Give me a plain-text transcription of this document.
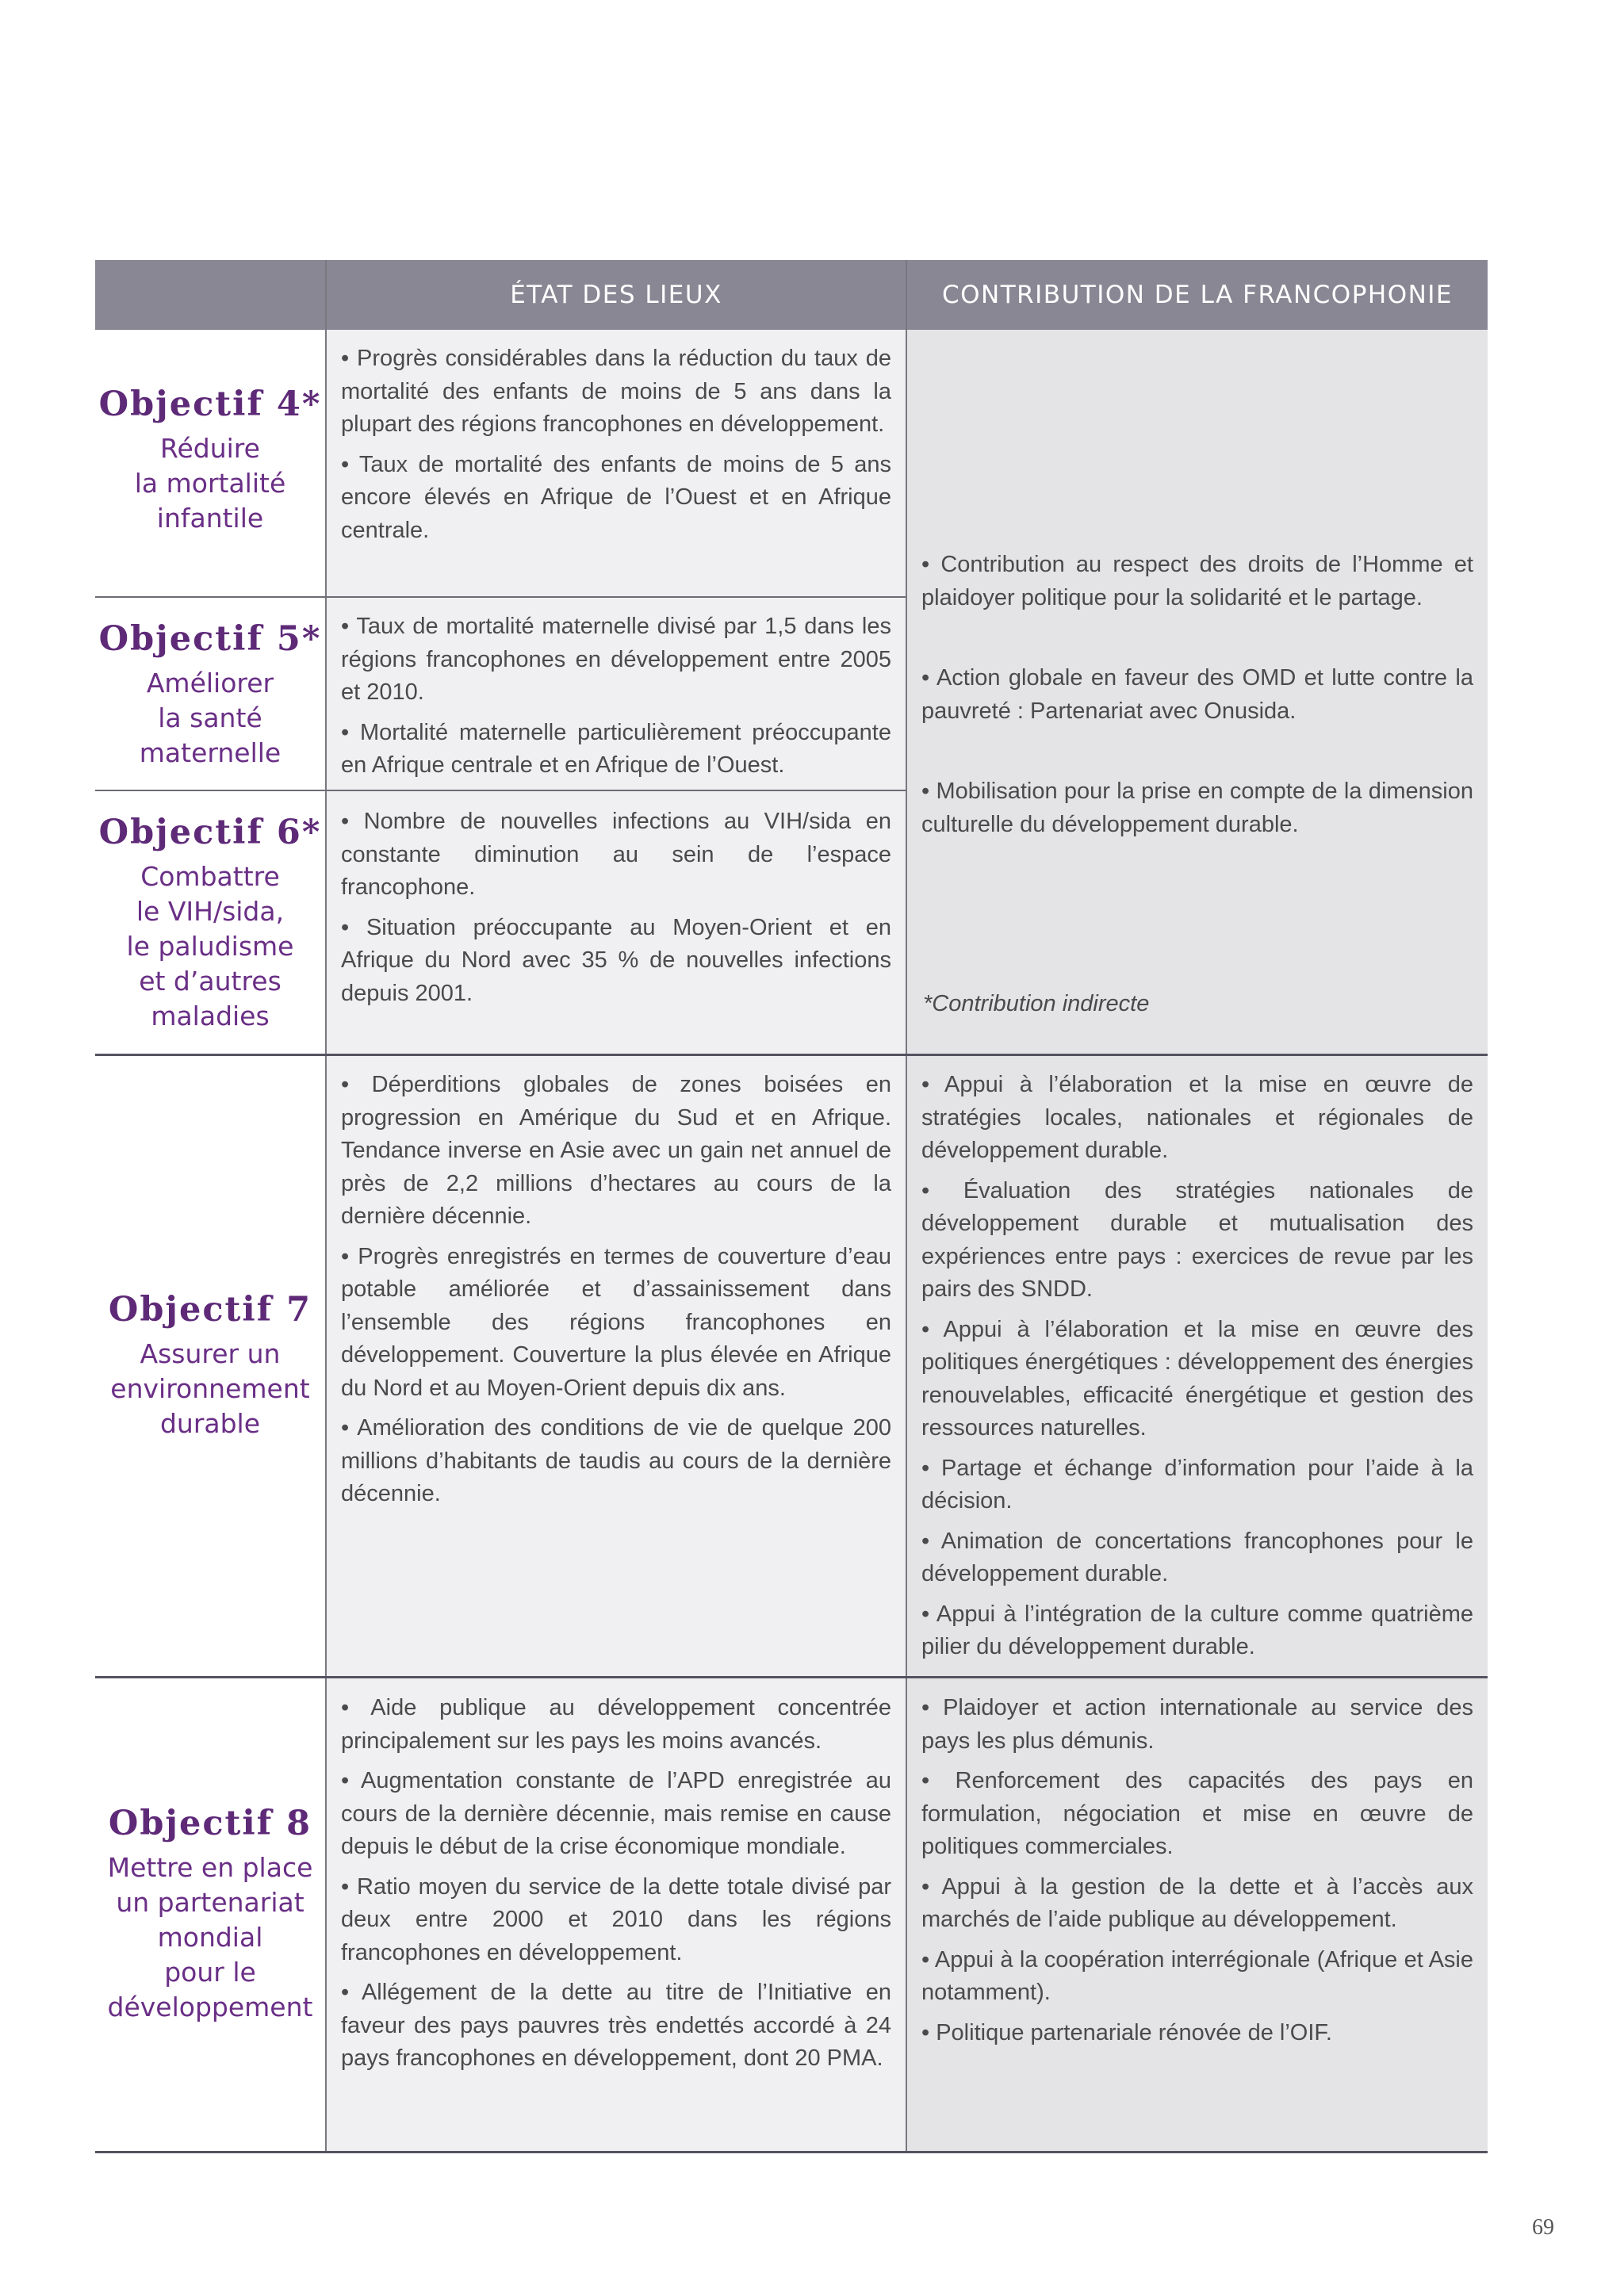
ÉTAT DES LIEUX	CONTRIBUTION DE LA FRANCOPHONIE
Objectif 4*
Réduire
la mortalité
infantile

• Progrès considérables dans la réduction du taux de mortalité des enfants de moins de 5 ans dans la plupart des régions francophones en développement.

• Taux de mortalité des enfants de moins de 5 ans encore élevés en Afrique de l’Ouest et en Afrique centrale.

Objectif 5*
Améliorer
la santé
maternelle

• Taux de mortalité maternelle divisé par 1,5 dans les régions francophones en développement entre 2005 et 2010.

• Mortalité maternelle particulièrement préoccupante en Afrique centrale et en Afrique de l’Ouest.

Objectif 6*
Combattre
le VIH/sida,
le paludisme
et d’autres
maladies

• Nombre de nouvelles infections au VIH/sida en constante diminution au sein de l’espace francophone.

• Situation préoccupante au Moyen-Orient et en Afrique du Nord avec 35 % de nouvelles infections depuis 2001.

• Contribution au respect des droits de l’Homme et plaidoyer politique pour la solidarité et le partage.

• Action globale en faveur des OMD et lutte contre la pauvreté : Partenariat avec Onusida.

• Mobilisation pour la prise en compte de la dimension culturelle du développement durable.

*Contribution indirecte
Objectif 7
Assurer un
environnement
durable

• Déperditions globales de zones boisées en progression en Amérique du Sud et en Afrique. Tendance inverse en Asie avec un gain net annuel de près de 2,2 millions d’hectares au cours de la dernière décennie.

• Progrès enregistrés en termes de couverture d’eau potable améliorée et d’assainissement dans l’ensemble des régions francophones en développement. Couverture la plus élevée en Afrique du Nord et au Moyen-Orient depuis dix ans.

• Amélioration des conditions de vie de quelque 200 millions d’habitants de taudis au cours de la dernière décennie.

• Appui à l’élaboration et la mise en œuvre de stratégies locales, nationales et régionales de développement durable.

• Évaluation des stratégies nationales de développement durable et mutualisation des expériences entre pays : exercices de revue par les pairs des SNDD.

• Appui à l’élaboration et la mise en œuvre des politiques énergétiques : développement des énergies renouvelables, efficacité énergétique et gestion des ressources naturelles.

• Partage et échange d’information pour l’aide à la décision.

• Animation de concertations francophones pour le développement durable.

• Appui à l’intégration de la culture comme quatrième pilier du développement durable.

Objectif 8
Mettre en place
un partenariat
mondial
pour le
développement

• Aide publique au développement concentrée principalement sur les pays les moins avancés.

• Augmentation constante de l’APD enregistrée au cours de la dernière décennie, mais remise en cause depuis le début de la crise économique mondiale.

• Ratio moyen du service de la dette totale divisé par deux entre 2000 et 2010 dans les régions francophones en développement.

• Allégement de la dette au titre de l’Initiative en faveur des pays pauvres très endettés accordé à 24 pays francophones en développement, dont 20 PMA.

• Plaidoyer et action internationale au service des pays les plus démunis.

• Renforcement des capacités des pays en formulation, négociation et mise en œuvre de politiques commerciales.

• Appui à la gestion de la dette et à l’accès aux marchés de l’aide publique au développement.

• Appui à la coopération interrégionale (Afrique et Asie notamment).

• Politique partenariale rénovée de l’OIF.

69
